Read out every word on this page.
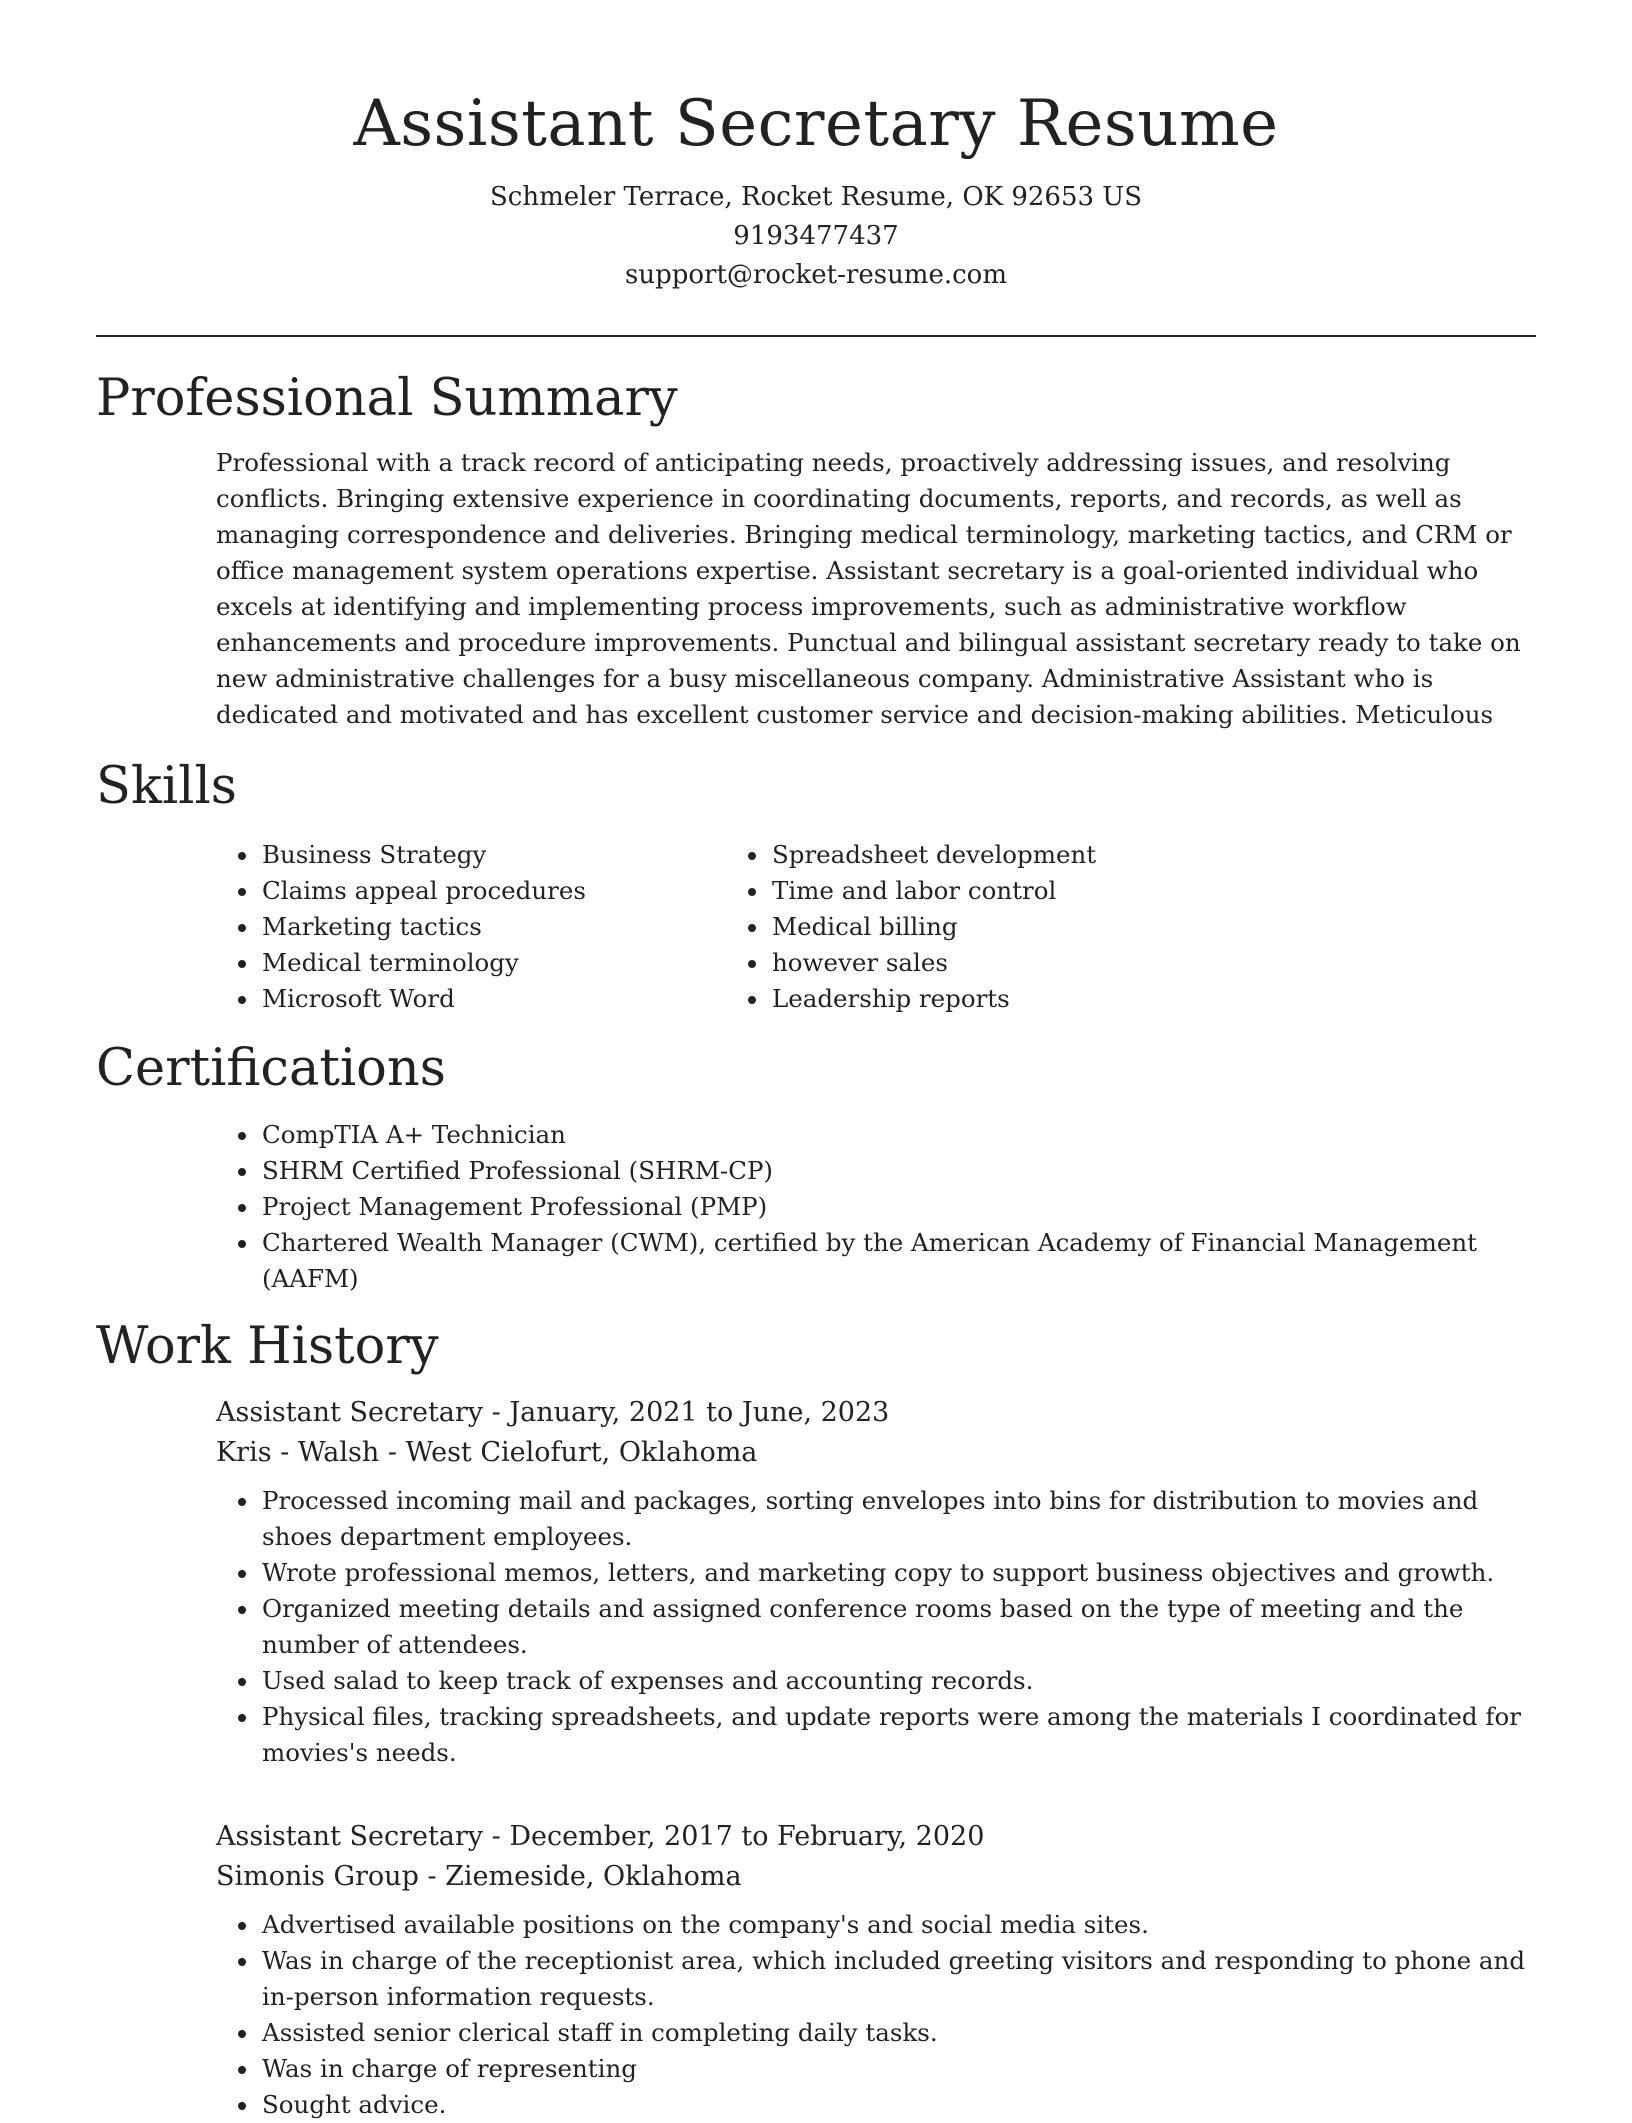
Assistant Secretary Resume
Schmeler Terrace, Rocket Resume, OK 92653 US
9193477437
support@rocket-resume.com
Professional Summary
Professional with a track record of anticipating needs, proactively addressing issues, and resolving conflicts. Bringing extensive experience in coordinating documents, reports, and records, as well as managing correspondence and deliveries. Bringing medical terminology, marketing tactics, and CRM or office management system operations expertise. Assistant secretary is a goal-oriented individual who excels at identifying and implementing process improvements, such as administrative workflow enhancements and procedure improvements. Punctual and bilingual assistant secretary ready to take on new administrative challenges for a busy miscellaneous company. Administrative Assistant who is dedicated and motivated and has excellent customer service and decision-making abilities. Meticulous
Skills
• Business Strategy
• Claims appeal procedures
• Marketing tactics
• Medical terminology
• Microsoft Word
• Spreadsheet development
• Time and labor control
• Medical billing
• however sales
• Leadership reports
Certifications
• CompTIA A+ Technician
• SHRM Certified Professional (SHRM-CP)
• Project Management Professional (PMP)
• Chartered Wealth Manager (CWM), certified by the American Academy of Financial Management (AAFM)
Work History
Assistant Secretary - January, 2021 to June, 2023
Kris - Walsh - West Cielofurt, Oklahoma
• Processed incoming mail and packages, sorting envelopes into bins for distribution to movies and shoes department employees.
• Wrote professional memos, letters, and marketing copy to support business objectives and growth.
• Organized meeting details and assigned conference rooms based on the type of meeting and the number of attendees.
• Used salad to keep track of expenses and accounting records.
• Physical files, tracking spreadsheets, and update reports were among the materials I coordinated for movies's needs.
Assistant Secretary - December, 2017 to February, 2020
Simonis Group - Ziemeside, Oklahoma
• Advertised available positions on the company's and social media sites.
• Was in charge of the receptionist area, which included greeting visitors and responding to phone and in-person information requests.
• Assisted senior clerical staff in completing daily tasks.
• Was in charge of representing
• Sought advice.
